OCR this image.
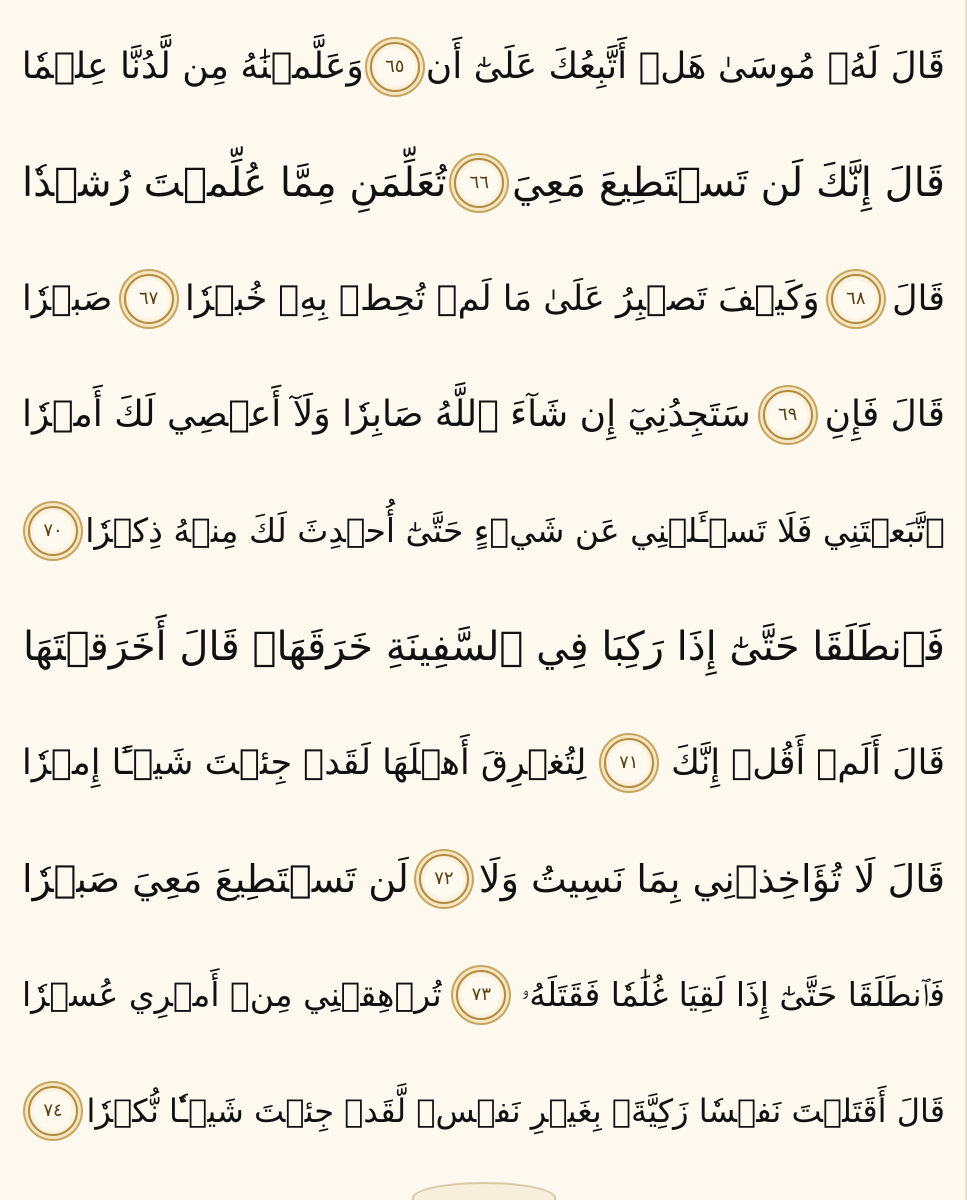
قَالَ لَهُۥ مُوسَىٰ هَلۡ أَتَّبِعُكَ عَلَىٰٓ أَن
٦٥
وَعَلَّمۡنَٰهُ مِن لَّدُنَّا عِلۡمٗا
قَالَ إِنَّكَ لَن تَسۡتَطِيعَ مَعِيَ
٦٦
تُعَلِّمَنِ مِمَّا عُلِّمۡتَ رُشۡدٗا
قَالَ
٦٨
وَكَيۡفَ تَصۡبِرُ عَلَىٰ مَا لَمۡ تُحِطۡ بِهِۦ خُبۡرٗا
٦٧
صَبۡرٗا
قَالَ فَإِنِ
٦٩
سَتَجِدُنِيٓ إِن شَآءَ ٱللَّهُ صَابِرٗا وَلَآ أَعۡصِي لَكَ أَمۡرٗا
ٱتَّبَعۡتَنِي فَلَا تَسۡـَٔلۡنِي عَن شَيۡءٍ حَتَّىٰٓ أُحۡدِثَ لَكَ مِنۡهُ ذِكۡرٗا
٧٠
فَٱنطَلَقَا حَتَّىٰٓ إِذَا رَكِبَا فِي ٱلسَّفِينَةِ خَرَقَهَاۖ قَالَ أَخَرَقۡتَهَا
قَالَ أَلَمۡ أَقُلۡ إِنَّكَ
٧١
لِتُغۡرِقَ أَهۡلَهَا لَقَدۡ جِئۡتَ شَيۡـًٔا إِمۡرٗا
قَالَ لَا تُؤَاخِذۡنِي بِمَا نَسِيتُ وَلَا
٧٢
لَن تَسۡتَطِيعَ مَعِيَ صَبۡرٗا
فَٱنطَلَقَا حَتَّىٰٓ إِذَا لَقِيَا غُلَٰمٗا فَقَتَلَهُۥ
٧٣
تُرۡهِقۡنِي مِنۡ أَمۡرِي عُسۡرٗا
قَالَ أَقَتَلۡتَ نَفۡسٗا زَكِيَّةَۢ بِغَيۡرِ نَفۡسٖ لَّقَدۡ جِئۡتَ شَيۡـٔٗا نُّكۡرٗا
٧٤
